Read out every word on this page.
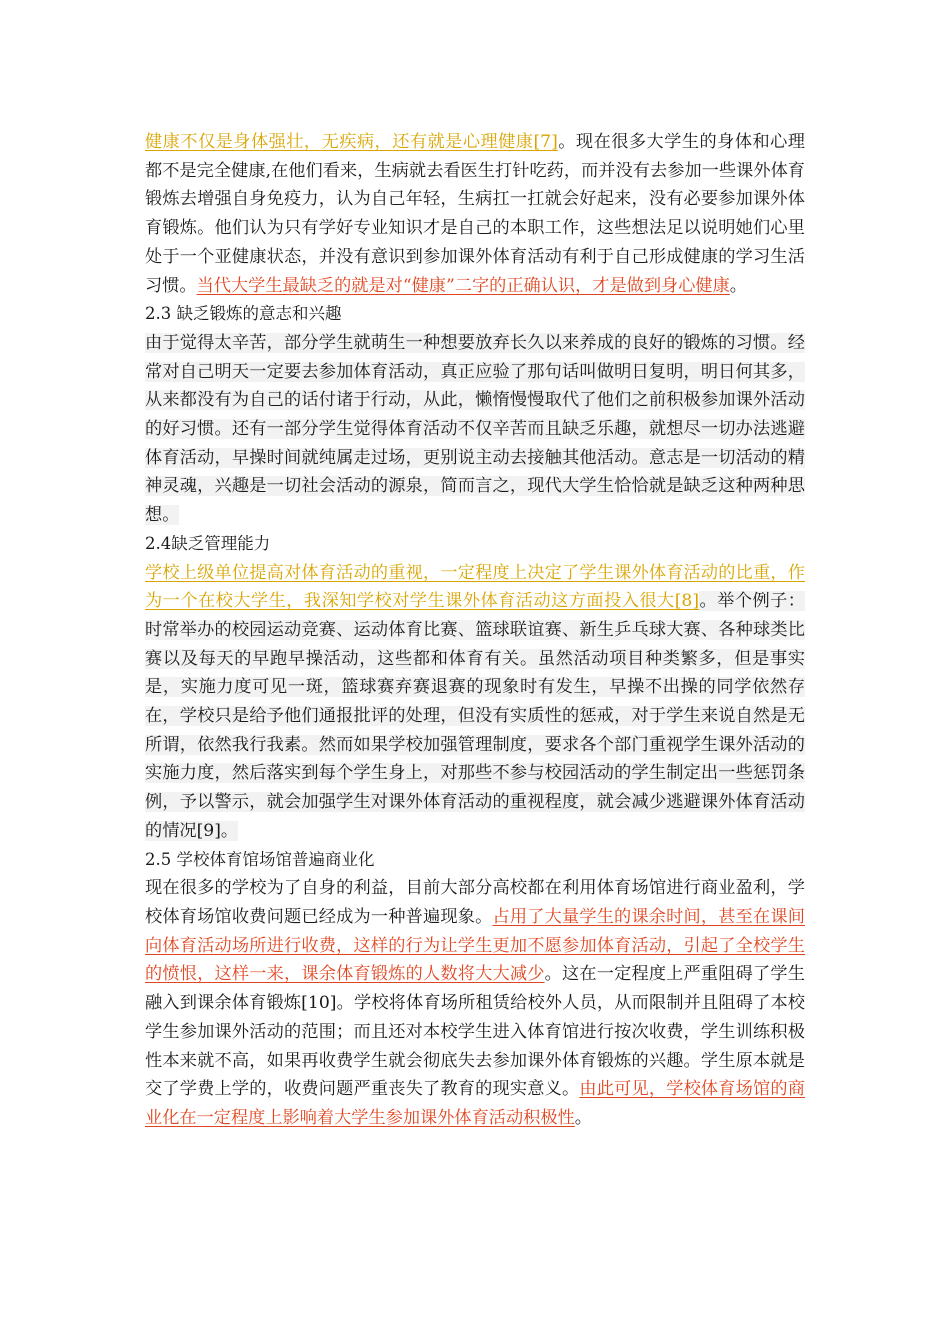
健康不仅是身体强壮，无疾病，还有就是心理健康[7]。现在很多大学生的身体和心理都不是完全健康,在他们看来，生病就去看医生打针吃药，而并没有去参加一些课外体育锻炼去增强自身免疫力，认为自己年轻，生病扛一扛就会好起来，没有必要参加课外体育锻炼。他们认为只有学好专业知识才是自己的本职工作，这些想法足以说明她们心里处于一个亚健康状态，并没有意识到参加课外体育活动有利于自己形成健康的学习生活习惯。当代大学生最缺乏的就是对“健康”二字的正确认识，才是做到身心健康。

2.3 缺乏锻炼的意志和兴趣

由于觉得太辛苦，部分学生就萌生一种想要放弃长久以来养成的良好的锻炼的习惯。经常对自己明天一定要去参加体育活动，真正应验了那句话叫做明日复明，明日何其多，从来都没有为自己的话付诸于行动，从此，懒惰慢慢取代了他们之前积极参加课外活动的好习惯。还有一部分学生觉得体育活动不仅辛苦而且缺乏乐趣，就想尽一切办法逃避体育活动，早操时间就纯属走过场，更别说主动去接触其他活动。意志是一切活动的精神灵魂，兴趣是一切社会活动的源泉，简而言之，现代大学生恰恰就是缺乏这种两种思想。

2.4缺乏管理能力

学校上级单位提高对体育活动的重视，一定程度上决定了学生课外体育活动的比重，作为一个在校大学生，我深知学校对学生课外体育活动这方面投入很大[8]。举个例子：时常举办的校园运动竞赛、运动体育比赛、篮球联谊赛、新生乒乓球大赛、各种球类比赛以及每天的早跑早操活动，这些都和体育有关。虽然活动项目种类繁多，但是事实是，实施力度可见一斑，篮球赛弃赛退赛的现象时有发生，早操不出操的同学依然存在，学校只是给予他们通报批评的处理，但没有实质性的惩戒，对于学生来说自然是无所谓，依然我行我素。然而如果学校加强管理制度，要求各个部门重视学生课外活动的实施力度，然后落实到每个学生身上，对那些不参与校园活动的学生制定出一些惩罚条例，予以警示，就会加强学生对课外体育活动的重视程度，就会减少逃避课外体育活动的情况[9]。

2.5 学校体育馆场馆普遍商业化

现在很多的学校为了自身的利益，目前大部分高校都在利用体育场馆进行商业盈利，学校体育场馆收费问题已经成为一种普遍现象。占用了大量学生的课余时间，甚至在课间向体育活动场所进行收费，这样的行为让学生更加不愿参加体育活动，引起了全校学生的愤恨，这样一来，课余体育锻炼的人数将大大减少。这在一定程度上严重阻碍了学生融入到课余体育锻炼[10]。学校将体育场所租赁给校外人员，从而限制并且阻碍了本校学生参加课外活动的范围；而且还对本校学生进入体育馆进行按次收费，学生训练积极性本来就不高，如果再收费学生就会彻底失去参加课外体育锻炼的兴趣。学生原本就是交了学费上学的，收费问题严重丧失了教育的现实意义。由此可见，学校体育场馆的商业化在一定程度上影响着大学生参加课外体育活动积极性。
